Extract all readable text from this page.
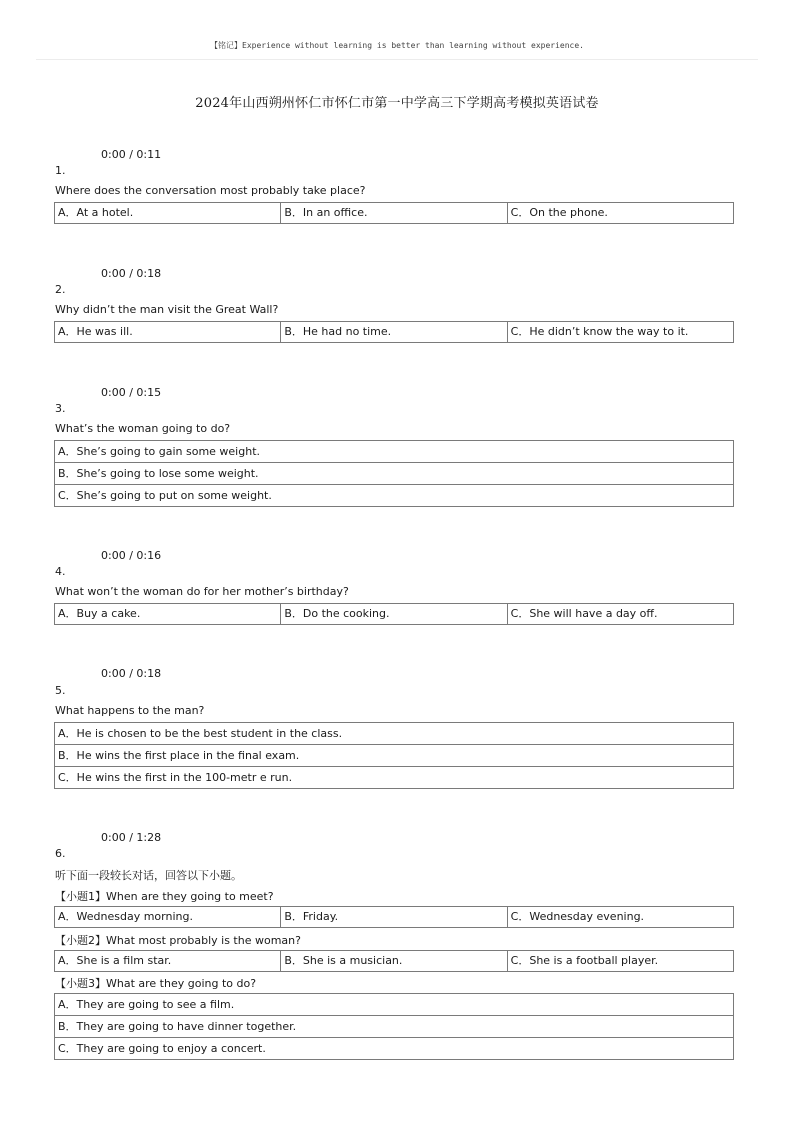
【铭记】Experience without learning is better than learning without experience.
2024年山西朔州怀仁市怀仁市第一中学高三下学期高考模拟英语试卷
0:00 / 0:11
1.
Where does the conversation most probably take place?
A．At a hotel.	B．In an office.	C．On the phone.
0:00 / 0:18
2.
Why didn’t the man visit the Great Wall?
A．He was ill.	B．He had no time.	C．He didn’t know the way to it.
0:00 / 0:15
3.
What’s the woman going to do?
A．She’s going to gain some weight.
B．She’s going to lose some weight.
C．She’s going to put on some weight.
0:00 / 0:16
4.
What won’t the woman do for her mother’s birthday?
A．Buy a cake.	B．Do the cooking.	C．She will have a day off.
0:00 / 0:18
5.
What happens to the man?
A．He is chosen to be the best student in the class.
B．He wins the first place in the final exam.
C．He wins the first in the 100-metr e run.
0:00 / 1:28
6.
听下面一段较长对话，回答以下小题。
【小题1】When are they going to meet?
A．Wednesday morning.	B．Friday.	C．Wednesday evening.
【小题2】What most probably is the woman?
A．She is a film star.	B．She is a musician.	C．She is a football player.
【小题3】What are they going to do?
A．They are going to see a film.
B．They are going to have dinner together.
C．They are going to enjoy a concert.
